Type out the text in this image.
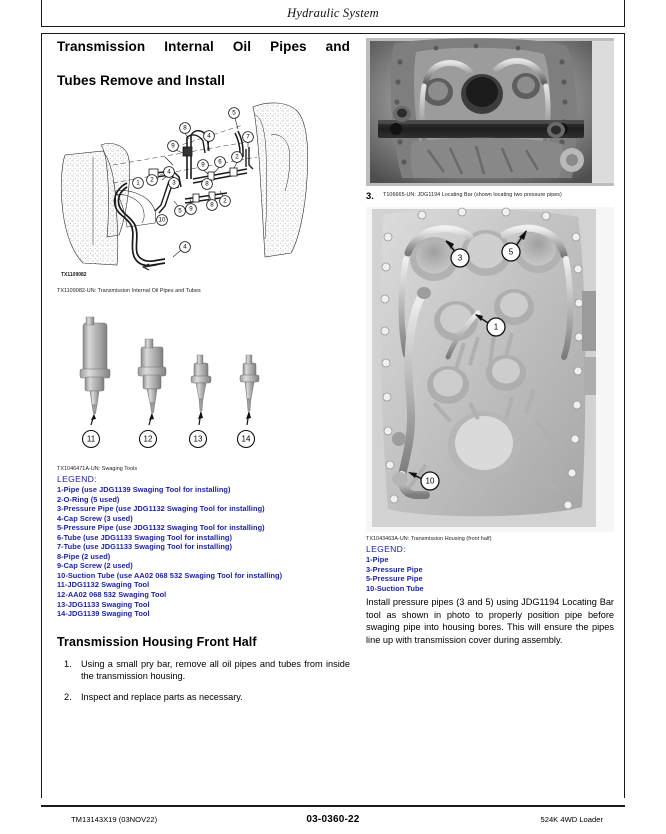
Hydraulic System
Transmission Internal Oil Pipes and
Tubes Remove and Install
8
4
9
5
7
2
6
9
4
2
1	3	8
2
8
9
5
10
4
TX1109082
TX1109082-UN: Transmission Internal Oil Pipes and Tubes
11	12	13	14
TX1046471A-UN: Swaging Tools
LEGEND:
1-Pipe (use JDG1139 Swaging Tool for installing)
2-O-Ring (5 used)
3-Pressure Pipe (use JDG1132 Swaging Tool for installing)
4-Cap Screw (3 used)
5-Pressure Pipe (use JDG1132 Swaging Tool for installing)
6-Tube (use JDG1133 Swaging Tool for installing)
7-Tube (use JDG1133 Swaging Tool for installing)
8-Pipe (2 used)
9-Cap Screw (2 used)
10-Suction Tube (use AA02 068 532 Swaging Tool for installing)
11-JDG1132 Swaging Tool
12-AA02 068 532 Swaging Tool
13-JDG1133 Swaging Tool
14-JDG1139 Swaging Tool
Transmission Housing Front Half
1. Using a small pry bar, remove all oil pipes and tubes from inside the transmission housing.
2. Inspect and replace parts as necessary.
3. T106665-UN: JDG1194 Locating Bar (shown locating two pressure pipes)
3
5
1
10
TX1043463A-UN: Transmission Housing (front half)
LEGEND:
1-Pipe
3-Pressure Pipe
5-Pressure Pipe
10-Suction Tube

Install pressure pipes (3 and 5) using JDG1194 Locating Bar tool as shown in photo to properly position pipe before swaging pipe into housing bores. This will ensure the pipes line up with transmission cover during assembly.

TM13143X19 (03NOV22)	03-0360-22	524K 4WD Loader
